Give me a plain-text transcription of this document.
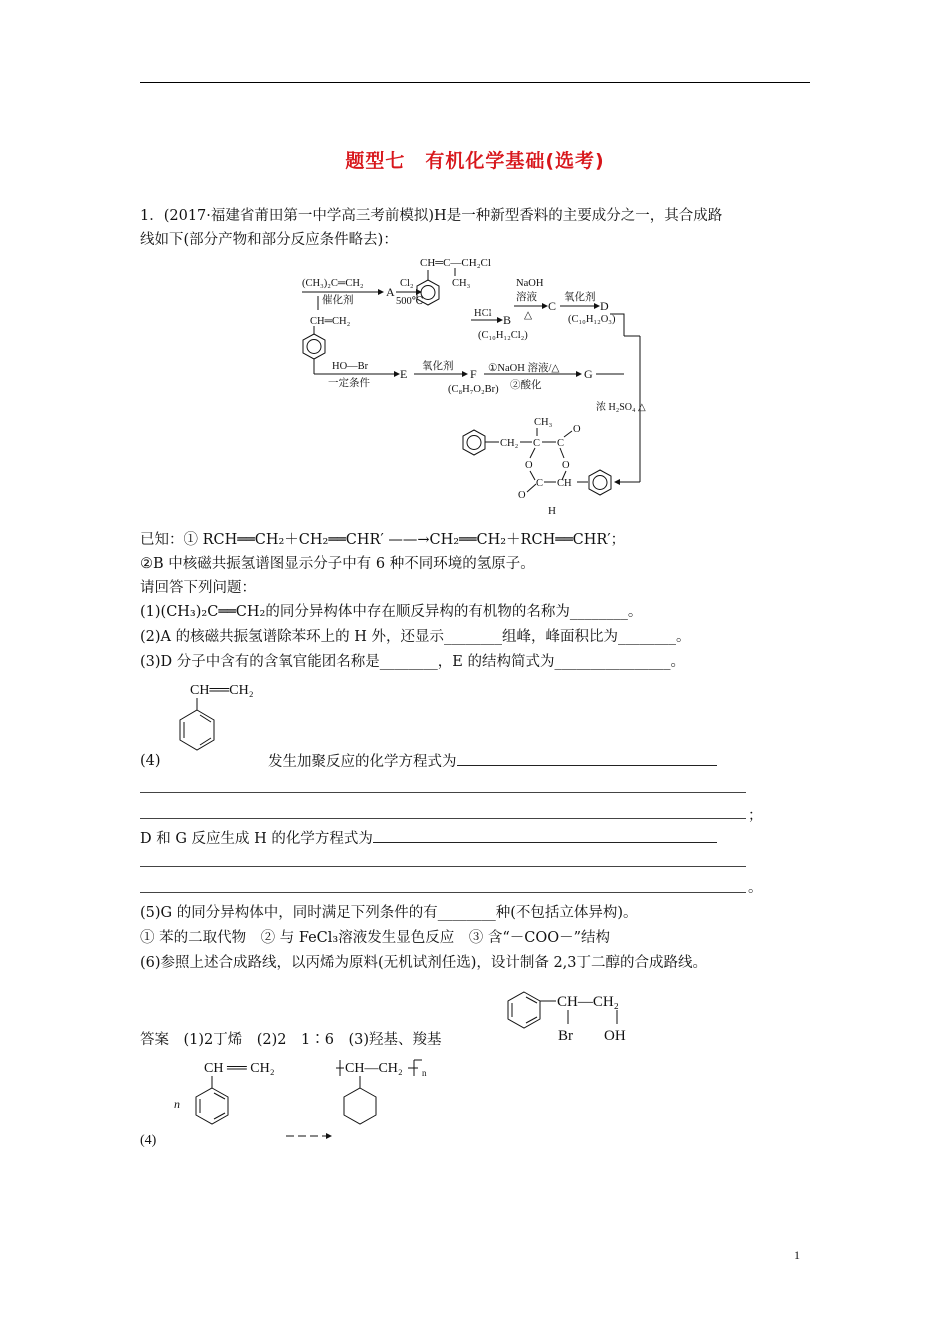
题型七　有机化学基础(选考)
1．(2017·福建省莆田第一中学高三考前模拟)H是一种新型香料的主要成分之一，其合成路
线如下(部分产物和部分反应条件略去)：
(CH₃)₂C═CH₂
催化剂
A
Cl₂
500℃
CH═C—CH₂Cl
CH₃
HCl B
(C₁₀H₁₂Cl₂)
NaOH
溶液
△
C
氧化剂
D
(C₁₀H₁₂O₃)
CH═CH₂
HO—Br
一定条件
E
氧化剂
F
(C₈H₇O₂Br)
①NaOH 溶液/△
②酸化
G
浓 H₂SO₄ △
CH₂ C
CH₃
C
O
O	O
C
O
CH
H
已知：① RCH══CH₂＋CH₂══CHR′ ——→CH₂══CH₂＋RCH══CHR′；
②B 中核磁共振氢谱图显示分子中有 6 种不同环境的氢原子。
请回答下列问题：
(1)(CH₃)₂C══CH₂的同分异构体中存在顺反异构的有机物的名称为________。
(2)A 的核磁共振氢谱除苯环上的 H 外，还显示________组峰，峰面积比为________。
(3)D 分子中含有的含氧官能团名称是________，E 的结构简式为________________。
CH══CH₂
(4)	发生加聚反应的化学方程式为
；
D 和 G 反应生成 H 的化学方程式为
。
(5)G 的同分异构体中，同时满足下列条件的有________种(不包括立体异构)。
① 苯的二取代物　② 与 FeCl₃溶液发生显色反应　③ 含“－COO－”结构
(6)参照上述合成路线，以丙烯为原料(无机试剂任选)，设计制备 2,3丁二醇的合成路线。
CH—CH₂
Br OH
答案　(1)2丁烯　(2)2　1∶6　(3)羟基、羧基
CH ══ CH₂
n
(4)
CH—CH₂ n
1
